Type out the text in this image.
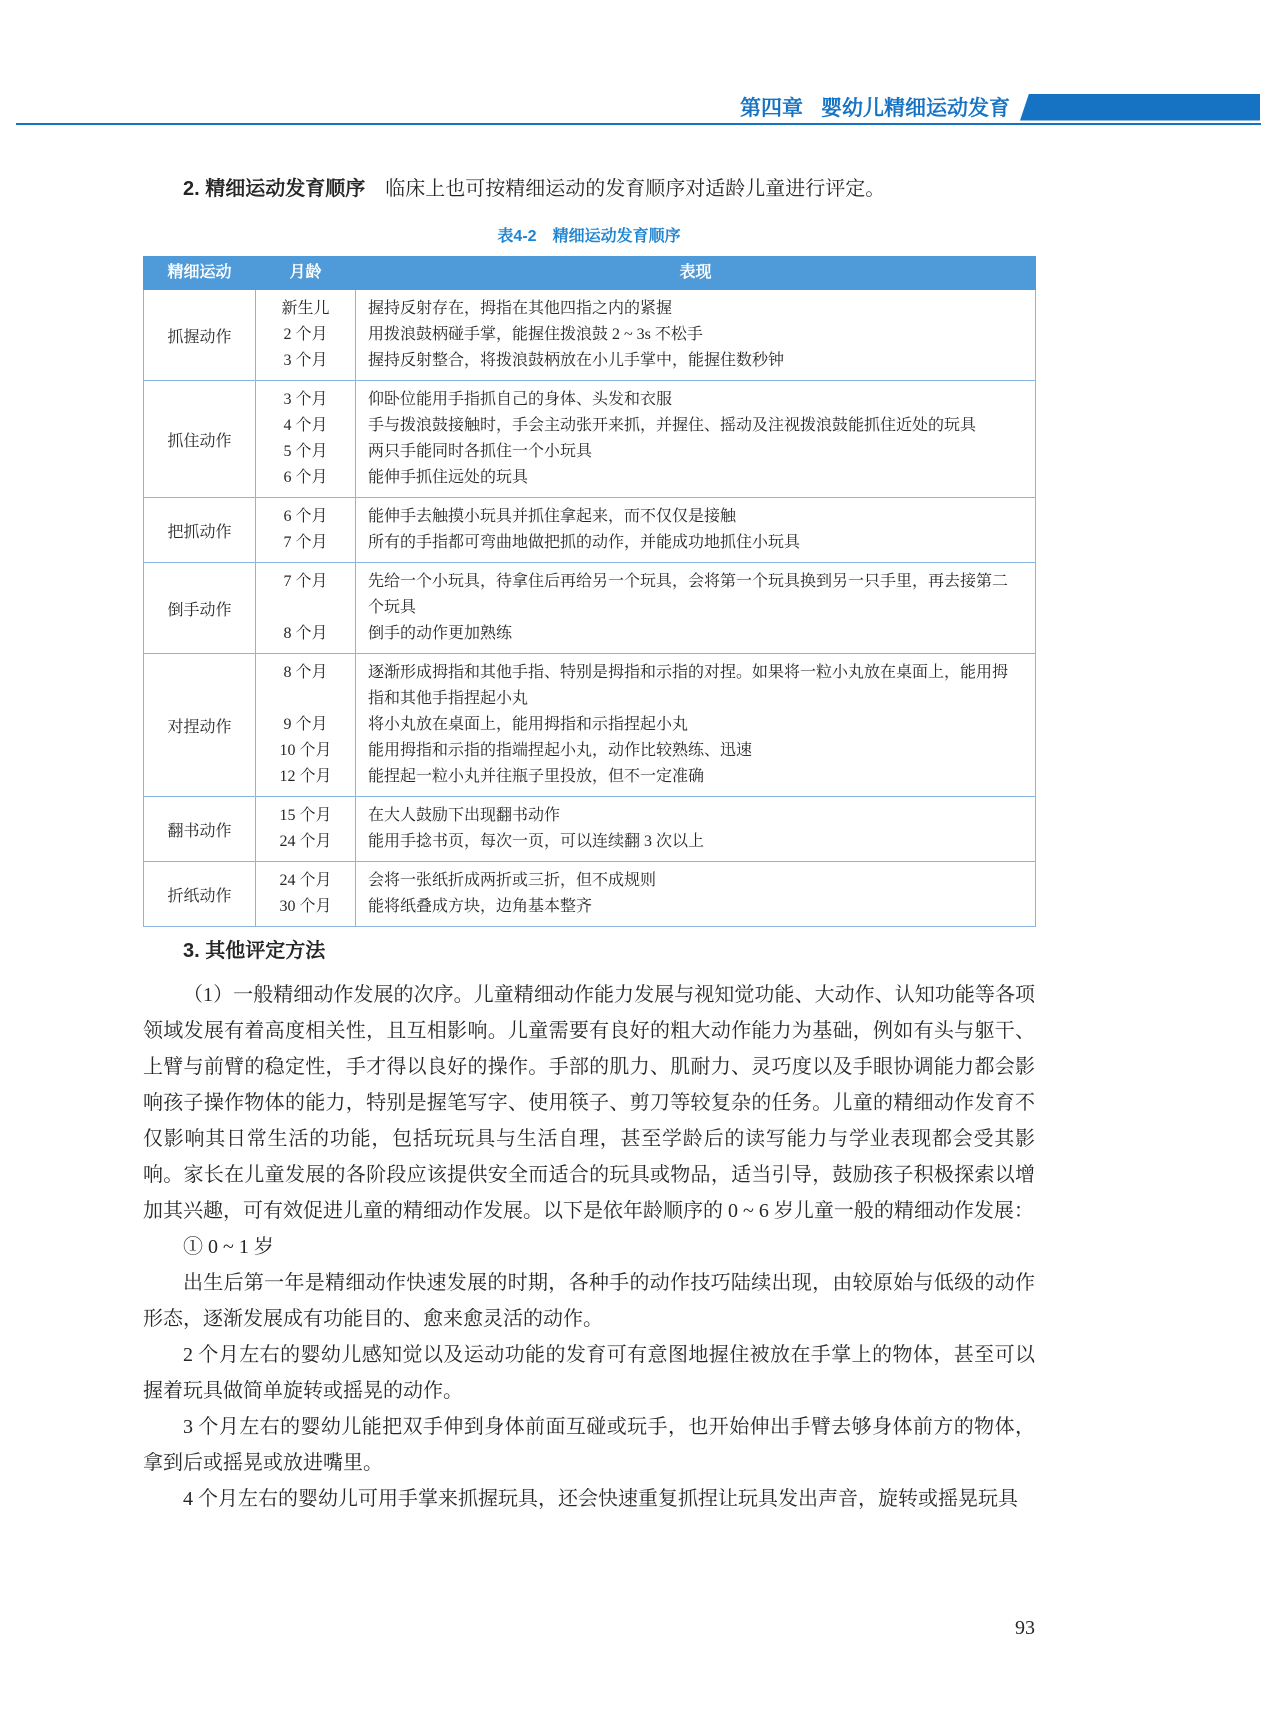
第四章 婴幼儿精细运动发育

2. 精细运动发育顺序 临床上也可按精细运动的发育顺序对适龄儿童进行评定。

表4-2 精细运动发育顺序
精细运动	月龄	表现
抓握动作	新生儿	握持反射存在，拇指在其他四指之内的紧握
	2 个月	用拨浪鼓柄碰手掌，能握住拨浪鼓 2 ~ 3s 不松手
	3 个月	握持反射整合，将拨浪鼓柄放在小儿手掌中，能握住数秒钟
抓住动作	3 个月	仰卧位能用手指抓自己的身体、头发和衣服
	4 个月	手与拨浪鼓接触时，手会主动张开来抓，并握住、摇动及注视拨浪鼓能抓住近处的玩具
	5 个月	两只手能同时各抓住一个小玩具
	6 个月	能伸手抓住远处的玩具
把抓动作	6 个月	能伸手去触摸小玩具并抓住拿起来，而不仅仅是接触
	7 个月	所有的手指都可弯曲地做把抓的动作，并能成功地抓住小玩具
倒手动作	7 个月	先给一个小玩具，待拿住后再给另一个玩具，会将第一个玩具换到另一只手里，再去接第二个玩具
	8 个月	倒手的动作更加熟练
对捏动作	8 个月	逐渐形成拇指和其他手指、特别是拇指和示指的对捏。如果将一粒小丸放在桌面上，能用拇指和其他手指捏起小丸
	9 个月	将小丸放在桌面上，能用拇指和示指捏起小丸
	10 个月	能用拇指和示指的指端捏起小丸，动作比较熟练、迅速
	12 个月	能捏起一粒小丸并往瓶子里投放，但不一定准确
翻书动作	15 个月	在大人鼓励下出现翻书动作
	24 个月	能用手捻书页，每次一页，可以连续翻 3 次以上
折纸动作	24 个月	会将一张纸折成两折或三折，但不成规则
	30 个月	能将纸叠成方块，边角基本整齐

3. 其他评定方法

（1）一般精细动作发展的次序。儿童精细动作能力发展与视知觉功能、大动作、认知功能等各项领域发展有着高度相关性，且互相影响。儿童需要有良好的粗大动作能力为基础，例如有头与躯干、上臂与前臂的稳定性，手才得以良好的操作。手部的肌力、肌耐力、灵巧度以及手眼协调能力都会影响孩子操作物体的能力，特别是握笔写字、使用筷子、剪刀等较复杂的任务。儿童的精细动作发育不仅影响其日常生活的功能，包括玩玩具与生活自理，甚至学龄后的读写能力与学业表现都会受其影响。家长在儿童发展的各阶段应该提供安全而适合的玩具或物品，适当引导，鼓励孩子积极探索以增加其兴趣，可有效促进儿童的精细动作发展。以下是依年龄顺序的 0 ~ 6 岁儿童一般的精细动作发展：

① 0 ~ 1 岁

出生后第一年是精细动作快速发展的时期，各种手的动作技巧陆续出现，由较原始与低级的动作形态，逐渐发展成有功能目的、愈来愈灵活的动作。

2 个月左右的婴幼儿感知觉以及运动功能的发育可有意图地握住被放在手掌上的物体，甚至可以握着玩具做简单旋转或摇晃的动作。

3 个月左右的婴幼儿能把双手伸到身体前面互碰或玩手，也开始伸出手臂去够身体前方的物体，拿到后或摇晃或放进嘴里。

4 个月左右的婴幼儿可用手掌来抓握玩具，还会快速重复抓捏让玩具发出声音，旋转或摇晃玩具

93
